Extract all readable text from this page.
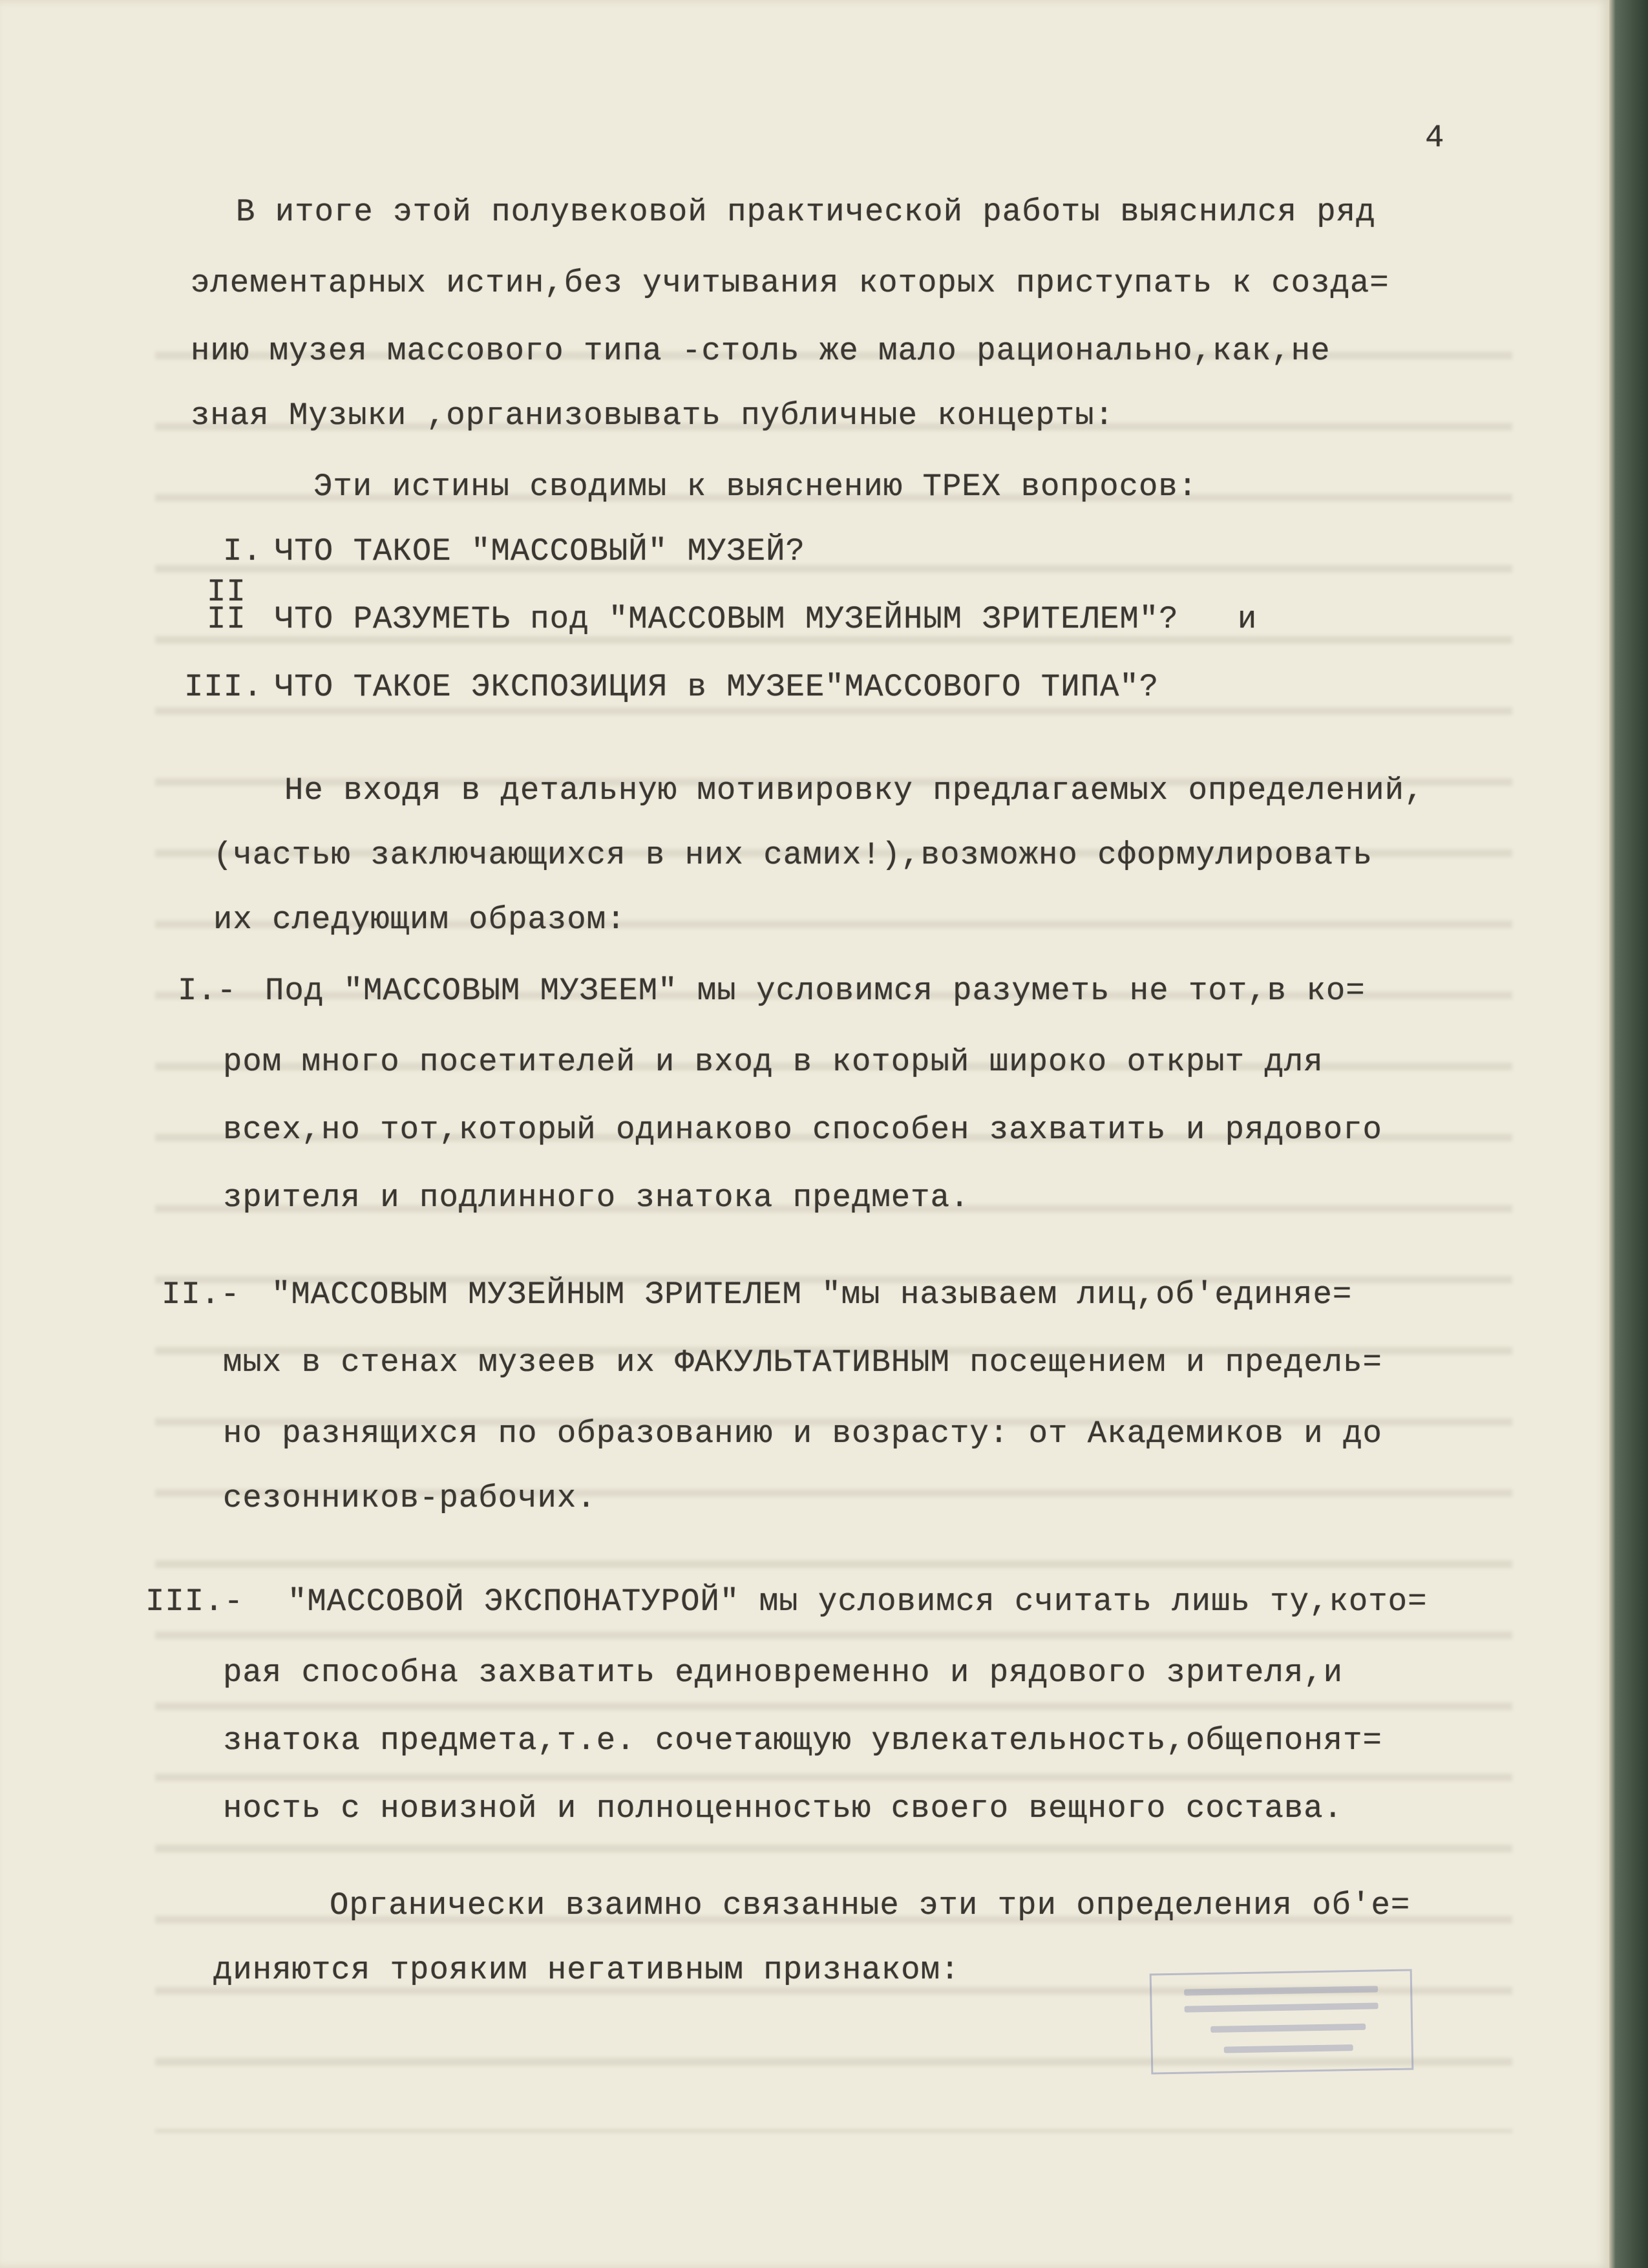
4
В итоге этой полувековой практической работы выяснился ряд
элементарных истин,без учитывания которых приступать к созда=
нию музея массового типа -столь же мало рационально,как,не
зная Музыки ,организовывать публичные концерты:
Эти истины сводимы к выяснению ТРЕХ вопросов:
I. ЧТО ТАКОЕ "МАССОВЫЙ" МУЗЕЙ?
II
II ЧТО РАЗУМЕТЬ под "МАССОВЫМ МУЗЕЙНЫМ ЗРИТЕЛЕМ"?   и
III. ЧТО ТАКОЕ ЭКСПОЗИЦИЯ в МУЗЕЕ"МАССОВОГО ТИПА"?
Не входя в детальную мотивировку предлагаемых определений,
(частью заключающихся в них самих!),возможно сформулировать
их следующим образом:
I.- Под "МАССОВЫМ МУЗЕЕМ" мы условимся разуметь не тот,в ко=
ром много посетителей и вход в который широко открыт для
всех,но тот,который одинаково способен захватить и рядового
зрителя и подлинного знатока предмета.
II.- "МАССОВЫМ МУЗЕЙНЫМ ЗРИТЕЛЕМ "мы называем лиц,об'единяе=
мых в стенах музеев их ФАКУЛЬТАТИВНЫМ посещением и предель=
но разнящихся по образованию и возрасту: от Академиков и до
сезонников-рабочих.
III.- "МАССОВОЙ ЭКСПОНАТУРОЙ" мы условимся считать лишь ту,кото=
рая способна захватить единовременно и рядового зрителя,и
знатока предмета,т.е. сочетающую увлекательность,общепонят=
ность с новизной и полноценностью своего вещного состава.
Органически взаимно связанные эти три определения об'е=
диняются трояким негативным признаком:
